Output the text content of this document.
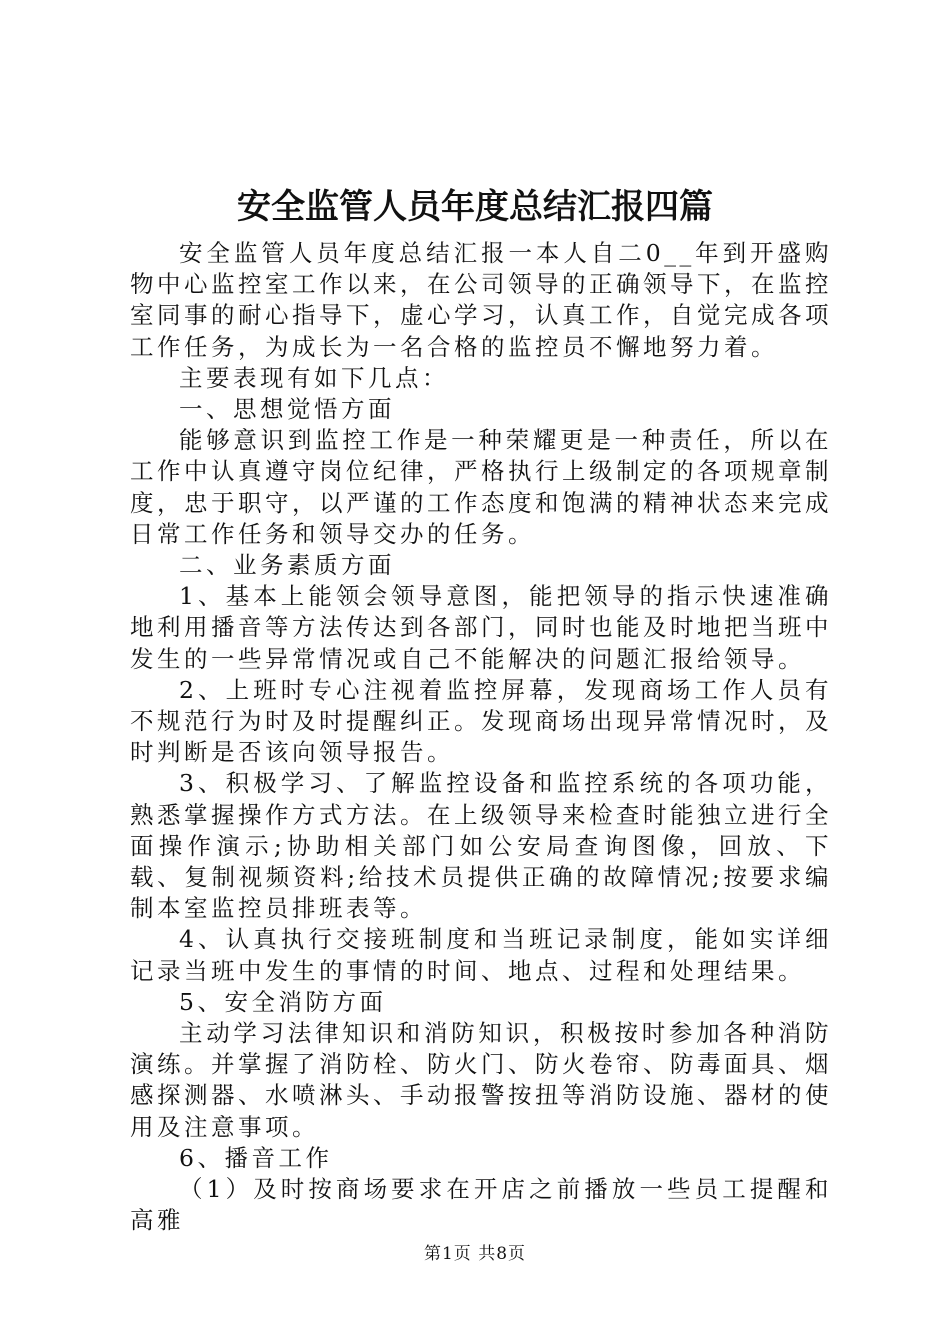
安全监管人员年度总结汇报四篇

安全监管人员年度总结汇报一本人自二0__年到开盛购物中心监控室工作以来，在公司领导的正确领导下，在监控室同事的耐心指导下，虚心学习，认真工作，自觉完成各项工作任务，为成长为一名合格的监控员不懈地努力着。

主要表现有如下几点：

一、思想觉悟方面

能够意识到监控工作是一种荣耀更是一种责任，所以在工作中认真遵守岗位纪律，严格执行上级制定的各项规章制度，忠于职守，以严谨的工作态度和饱满的精神状态来完成日常工作任务和领导交办的任务。

二、业务素质方面

1、基本上能领会领导意图，能把领导的指示快速准确地利用播音等方法传达到各部门，同时也能及时地把当班中发生的一些异常情况或自己不能解决的问题汇报给领导。

2、上班时专心注视着监控屏幕，发现商场工作人员有不规范行为时及时提醒纠正。发现商场出现异常情况时，及时判断是否该向领导报告。

3、积极学习、了解监控设备和监控系统的各项功能，熟悉掌握操作方式方法。在上级领导来检查时能独立进行全面操作演示;协助相关部门如公安局查询图像，回放、下载、复制视频资料;给技术员提供正确的故障情况;按要求编制本室监控员排班表等。

4、认真执行交接班制度和当班记录制度，能如实详细记录当班中发生的事情的时间、地点、过程和处理结果。

5、安全消防方面

主动学习法律知识和消防知识，积极按时参加各种消防演练。并掌握了消防栓、防火门、防火卷帘、防毒面具、烟感探测器、水喷淋头、手动报警按扭等消防设施、器材的使用及注意事项。

6、播音工作

（1）及时按商场要求在开店之前播放一些员工提醒和高雅

第1页 共8页
